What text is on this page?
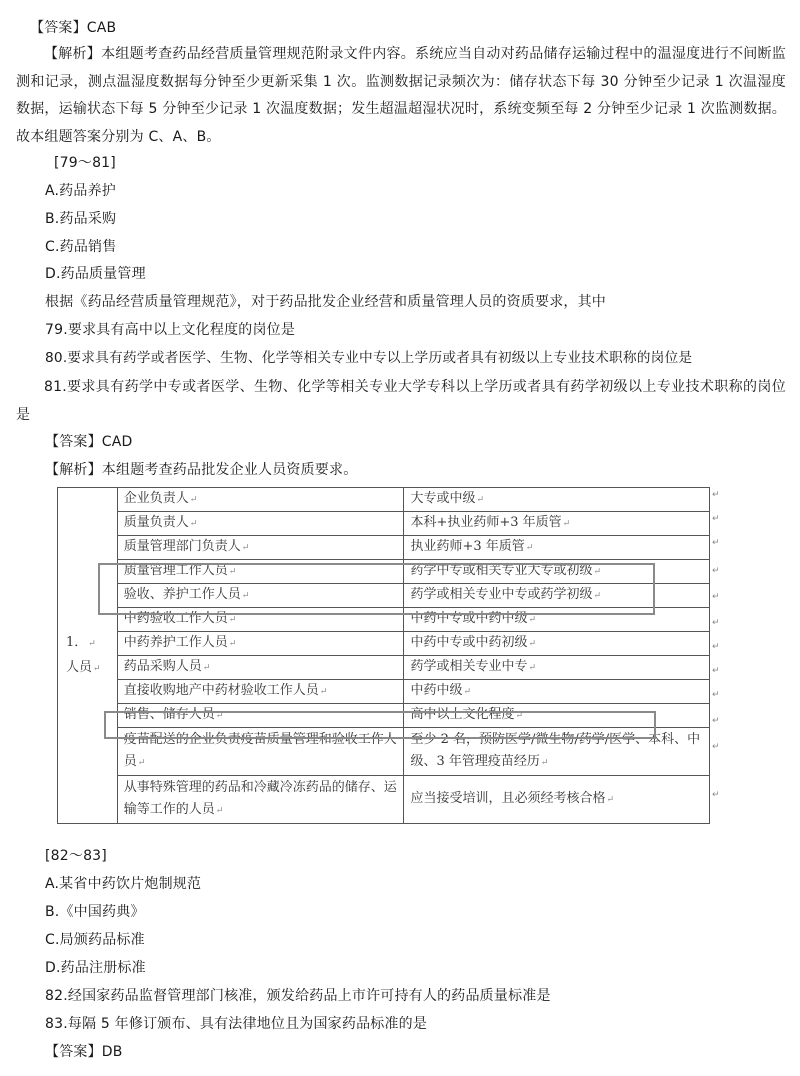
【答案】CAB
【解析】本组题考查药品经营质量管理规范附录文件内容。系统应当自动对药品储存运输过程中的温湿度进行不间断监测和记录，测点温湿度数据每分钟至少更新采集 1 次。监测数据记录频次为：储存状态下每 30 分钟至少记录 1 次温湿度数据，运输状态下每 5 分钟至少记录 1 次温度数据；发生超温超湿状况时，系统变频至每 2 分钟至少记录 1 次监测数据。故本组题答案分别为 C、A、B。
[79～81]
A.药品养护
B.药品采购
C.药品销售
D.药品质量管理
根据《药品经营质量管理规范》，对于药品批发企业经营和质量管理人员的资质要求，其中
79.要求具有高中以上文化程度的岗位是
80.要求具有药学或者医学、生物、化学等相关专业中专以上学历或者具有初级以上专业技术职称的岗位是
81.要求具有药学中专或者医学、生物、化学等相关专业大学专科以上学历或者具有药学初级以上专业技术职称的岗位是
【答案】CAD
【解析】本组题考查药品批发企业人员资质要求。
1．↵
人员↵	企业负责人↵	大专或中级↵
	质量负责人↵	本科+执业药师+3 年质管↵
	质量管理部门负责人↵	执业药师+3 年质管↵
	质量管理工作人员↵	药学中专或相关专业大专或初级↵
	验收、养护工作人员↵	药学或相关专业中专或药学初级↵
	中药验收工作人员↵	中药中专或中药中级↵
	中药养护工作人员↵	中药中专或中药初级↵
	药品采购人员↵	药学或相关专业中专↵
	直接收购地产中药材验收工作人员↵	中药中级↵
	销售、储存人员↵	高中以上文化程度↵
	疫苗配送的企业负责疫苗质量管理和验收工作人员↵	至少 2 名，预防医学/微生物/药学/医学、本科、中级、3 年管理疫苗经历↵
	从事特殊管理的药品和冷藏冷冻药品的储存、运输等工作的人员↵	应当接受培训，且必须经考核合格↵
↵
↵
↵
↵
↵
↵
↵
↵
↵
↵
↵
↵
[82～83]
A.某省中药饮片炮制规范
B.《中国药典》
C.局颁药品标准
D.药品注册标准
82.经国家药品监督管理部门核准，颁发给药品上市许可持有人的药品质量标准是
83.每隔 5 年修订颁布、具有法律地位且为国家药品标准的是
【答案】DB
